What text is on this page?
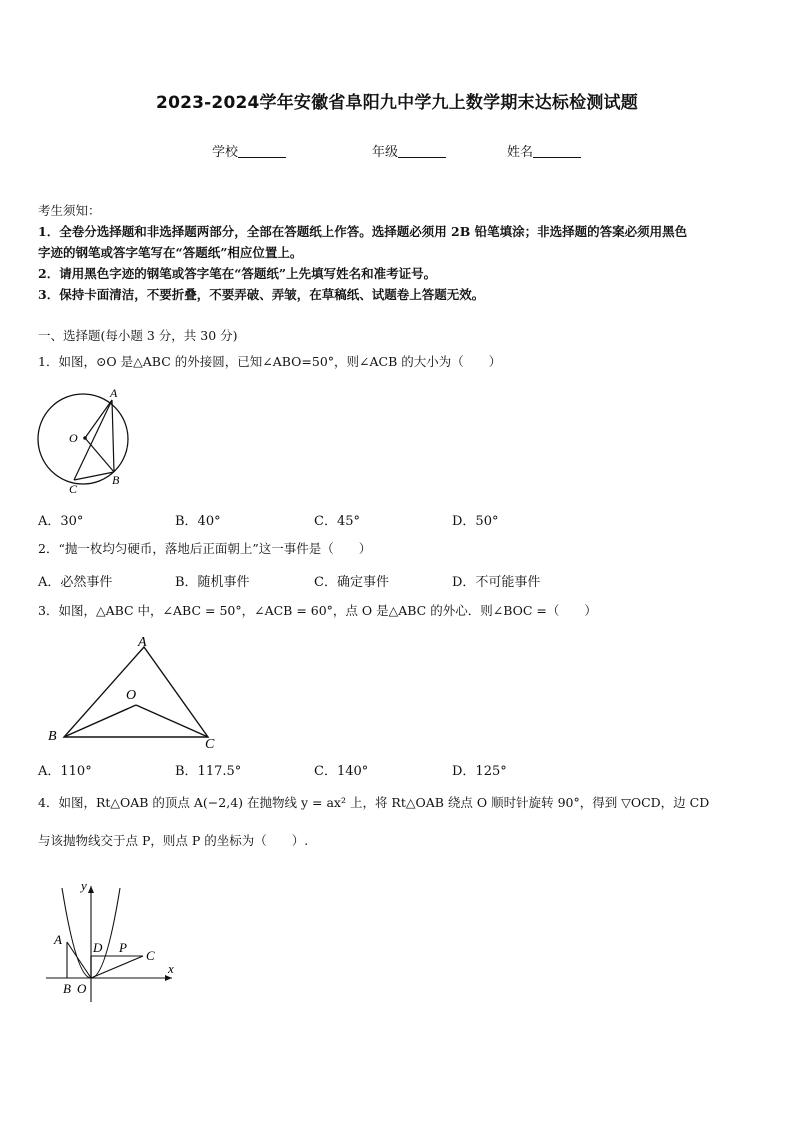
2023-2024学年安徽省阜阳九中学九上数学期末达标检测试题
学校	年级	姓名
考生须知：
1．全卷分选择题和非选择题两部分，全部在答题纸上作答。选择题必须用 2B 铅笔填涂；非选择题的答案必须用黑色
字迹的钢笔或答字笔写在“答题纸”相应位置上。
2．请用黑色字迹的钢笔或答字笔在“答题纸”上先填写姓名和准考证号。
3．保持卡面清洁，不要折叠，不要弄破、弄皱，在草稿纸、试题卷上答题无效。
一、选择题(每小题 3 分，共 30 分)
1．如图，⊙O 是△ABC 的外接圆，已知∠ABO=50°，则∠ACB 的大小为（　　）
A
O
B
C
A．30°	B．40°	C．45°	D．50°
2．“抛一枚均匀硬币，落地后正面朝上”这一事件是（　　）
A．必然事件	B．随机事件	C．确定事件	D．不可能事件
3．如图，△ABC 中，∠ABC = 50°，∠ACB = 60°，点 O 是△ABC 的外心．则∠BOC =（　　）
A
O
B
C
A．110°	B．117.5°	C．140°	D．125°
4．如图，Rt△OAB 的顶点 A(−2,4) 在抛物线 y = ax² 上，将 Rt△OAB 绕点 O 顺时针旋转 90°，得到 ▽OCD，边 CD
与该抛物线交于点 P，则点 P 的坐标为（　　）.
y
x
A
B O
D P
C
